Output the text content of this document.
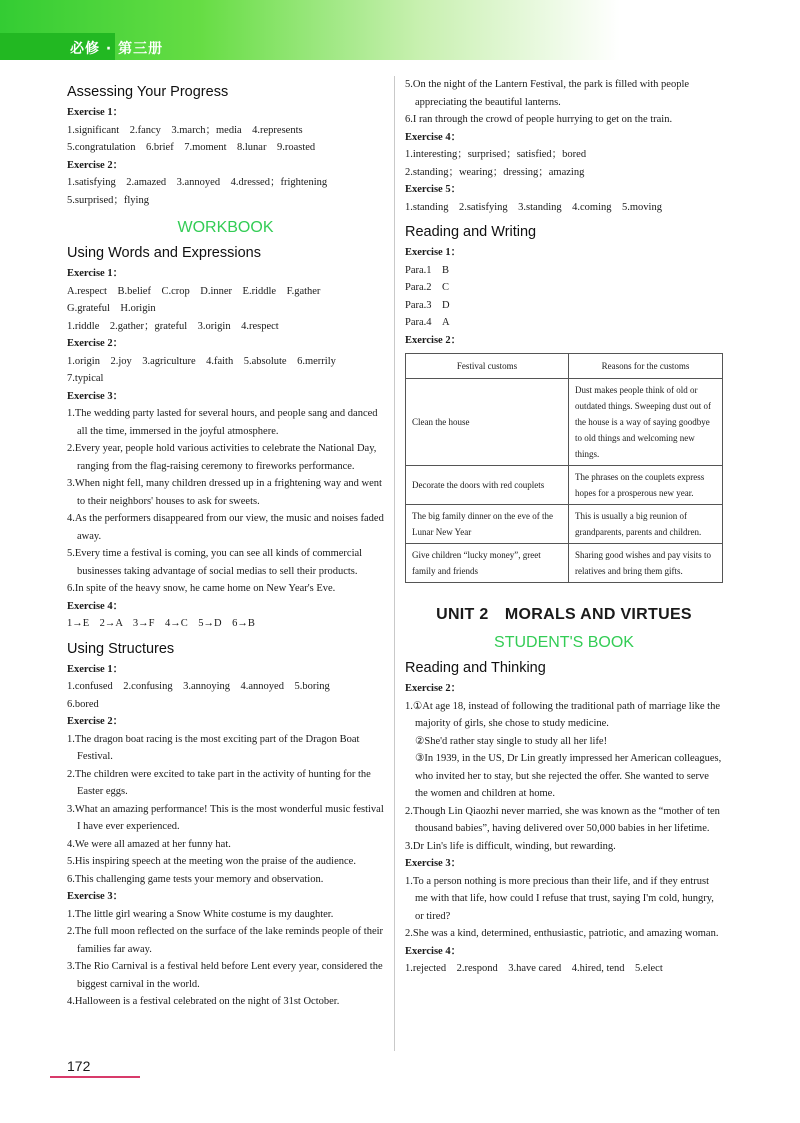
必修 · 第三册
Assessing Your Progress

Exercise 1：

1.significant　2.fancy　3.march；media　4.represents

5.congratulation　6.brief　7.moment　8.lunar　9.roasted

Exercise 2：

1.satisfying　2.amazed　3.annoyed　4.dressed；frightening

5.surprised；flying

WORKBOOK
Using Words and Expressions

Exercise 1：

A.respect　B.belief　C.crop　D.inner　E.riddle　F.gather

G.grateful　H.origin

1.riddle　2.gather；grateful　3.origin　4.respect

Exercise 2：

1.origin　2.joy　3.agriculture　4.faith　5.absolute　6.merrily

7.typical

Exercise 3：

1.The wedding party lasted for several hours, and people sang and danced all the time, immersed in the joyful atmosphere.

2.Every year, people hold various activities to celebrate the National Day, ranging from the flag-raising ceremony to fireworks performance.

3.When night fell, many children dressed up in a frightening way and went to their neighbors' houses to ask for sweets.

4.As the performers disappeared from our view, the music and noises faded away.

5.Every time a festival is coming, you can see all kinds of commercial businesses taking advantage of social medias to sell their products.

6.In spite of the heavy snow, he came home on New Year's Eve.

Exercise 4：

1→E　2→A　3→F　4→C　5→D　6→B

Using Structures

Exercise 1：

1.confused　2.confusing　3.annoying　4.annoyed　5.boring

6.bored

Exercise 2：

1.The dragon boat racing is the most exciting part of the Dragon Boat Festival.

2.The children were excited to take part in the activity of hunting for the Easter eggs.

3.What an amazing performance! This is the most wonderful music festival I have ever experienced.

4.We were all amazed at her funny hat.

5.His inspiring speech at the meeting won the praise of the audience.

6.This challenging game tests your memory and observation.

Exercise 3：

1.The little girl wearing a Snow White costume is my daughter.

2.The full moon reflected on the surface of the lake reminds people of their families far away.

3.The Rio Carnival is a festival held before Lent every year, considered the biggest carnival in the world.

4.Halloween is a festival celebrated on the night of 31st October.

5.On the night of the Lantern Festival, the park is filled with people appreciating the beautiful lanterns.

6.I ran through the crowd of people hurrying to get on the train.

Exercise 4：

1.interesting；surprised；satisfied；bored

2.standing；wearing；dressing；amazing

Exercise 5：

1.standing　2.satisfying　3.standing　4.coming　5.moving

Reading and Writing

Exercise 1：

Para.1　B

Para.2　C

Para.3　D

Para.4　A

Exercise 2：

Festival customs	Reasons for the customs
Clean the house	Dust makes people think of old or outdated things. Sweeping dust out of the house is a way of saying goodbye to old things and welcoming new things.
Decorate the doors with red couplets	The phrases on the couplets express hopes for a prosperous new year.
The big family dinner on the eve of the Lunar New Year	This is usually a big reunion of grandparents, parents and children.
Give children “lucky money”, greet family and friends	Sharing good wishes and pay visits to relatives and bring them gifts.
UNIT 2　MORALS AND VIRTUES
STUDENT'S BOOK
Reading and Thinking

Exercise 2：

1.①At age 18, instead of following the traditional path of marriage like the majority of girls, she chose to study medicine.

②She'd rather stay single to study all her life!

③In 1939, in the US, Dr Lin greatly impressed her American colleagues, who invited her to stay, but she rejected the offer. She wanted to serve the women and children at home.

2.Though Lin Qiaozhi never married, she was known as the “mother of ten thousand babies”, having delivered over 50,000 babies in her lifetime.

3.Dr Lin's life is difficult, winding, but rewarding.

Exercise 3：

1.To a person nothing is more precious than their life, and if they entrust me with that life, how could I refuse that trust, saying I'm cold, hungry, or tired?

2.She was a kind, determined, enthusiastic, patriotic, and amazing woman.

Exercise 4：

1.rejected　2.respond　3.have cared　4.hired, tend　5.elect

172
